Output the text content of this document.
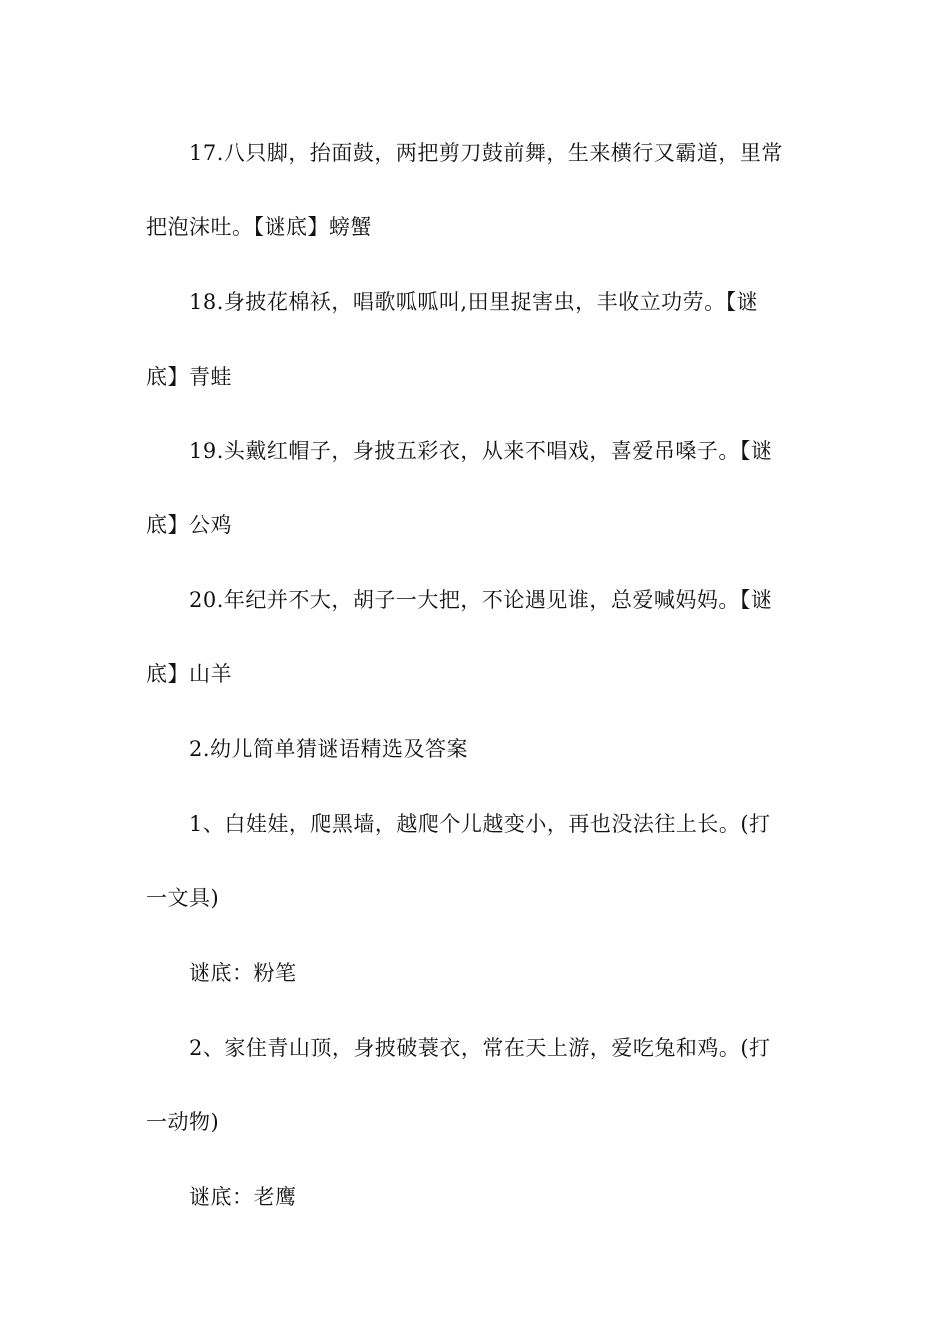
17.八只脚，抬面鼓，两把剪刀鼓前舞，生来横行又霸道，里常
把泡沫吐。【谜底】螃蟹
18.身披花棉袄，唱歌呱呱叫,田里捉害虫，丰收立功劳。【谜
底】青蛙
19.头戴红帽子，身披五彩衣，从来不唱戏，喜爱吊嗓子。【谜
底】公鸡
20.年纪并不大，胡子一大把，不论遇见谁，总爱喊妈妈。【谜
底】山羊
2.幼儿简单猜谜语精选及答案
1、白娃娃，爬黑墙，越爬个儿越变小，再也没法往上长。(打
一文具)
谜底：粉笔
2、家住青山顶，身披破蓑衣，常在天上游，爱吃兔和鸡。(打
一动物)
谜底：老鹰
